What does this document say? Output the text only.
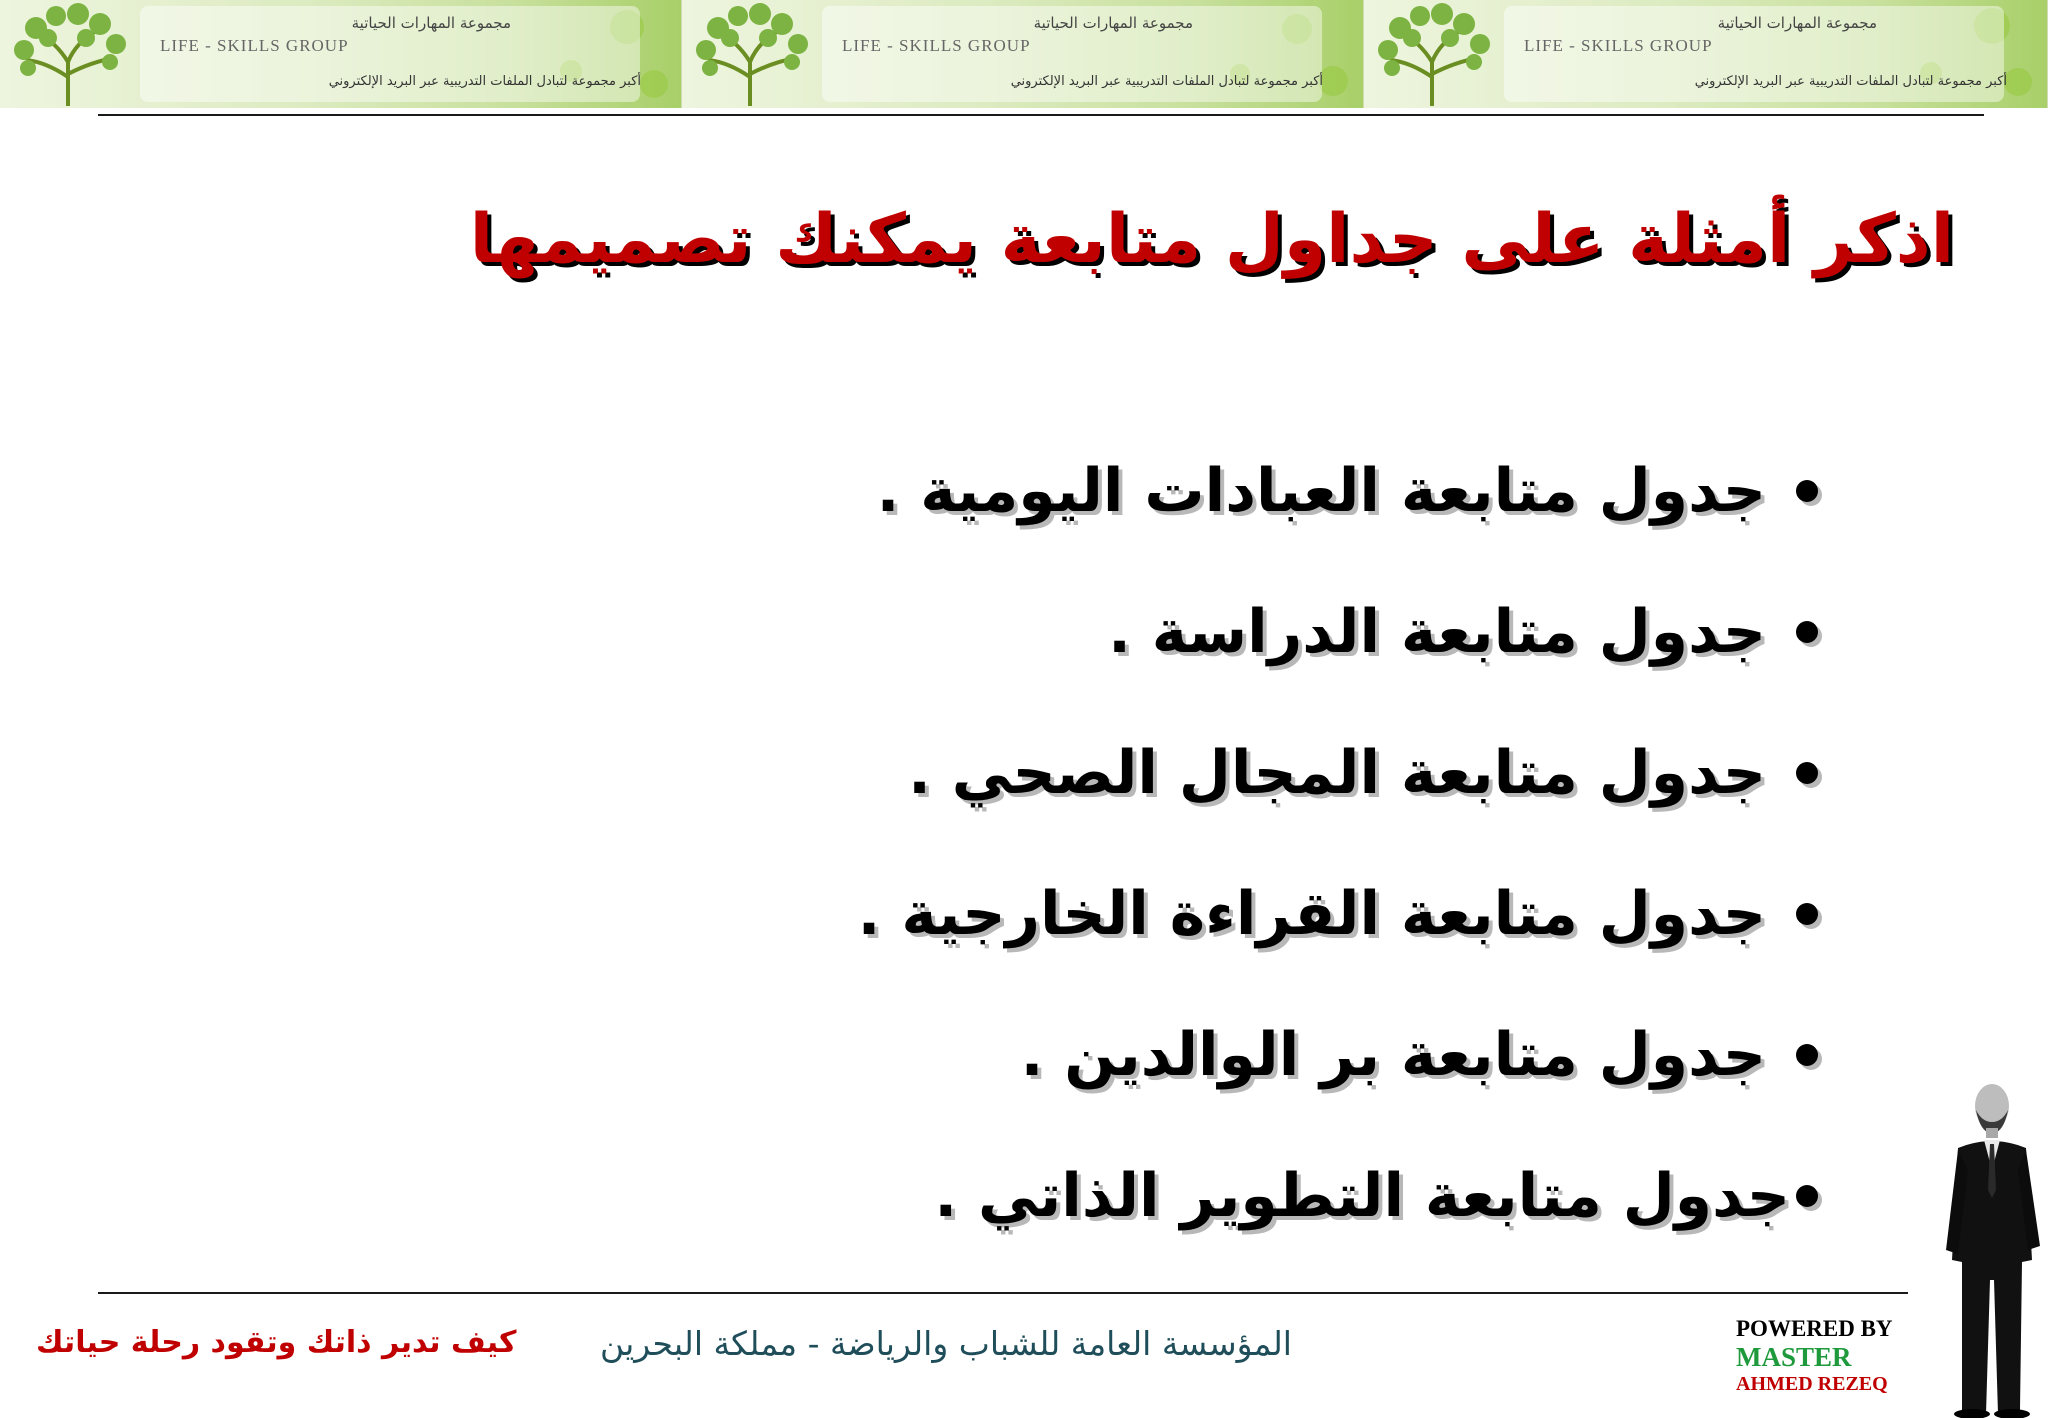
مجموعة المهارات الحياتية
LIFE - SKILLS GROUP
أكبر مجموعة لتبادل الملفات التدريبية عبر البريد الإلكتروني
مجموعة المهارات الحياتية
LIFE - SKILLS GROUP
أكبر مجموعة لتبادل الملفات التدريبية عبر البريد الإلكتروني
مجموعة المهارات الحياتية
LIFE - SKILLS GROUP
أكبر مجموعة لتبادل الملفات التدريبية عبر البريد الإلكتروني
اذكر أمثلة على جداول متابعة يمكنك تصميمها
جدول متابعة العبادات اليومية .
جدول متابعة الدراسة .
جدول متابعة المجال الصحي .
جدول متابعة القراءة الخارجية .
جدول متابعة بر الوالدين .
جدول متابعة التطوير الذاتي .
كيف تدير ذاتك وتقود رحلة حياتك	المؤسسة العامة للشباب والرياضة - مملكة البحرين	POWERED BY
MASTER
AHMED REZEQ
